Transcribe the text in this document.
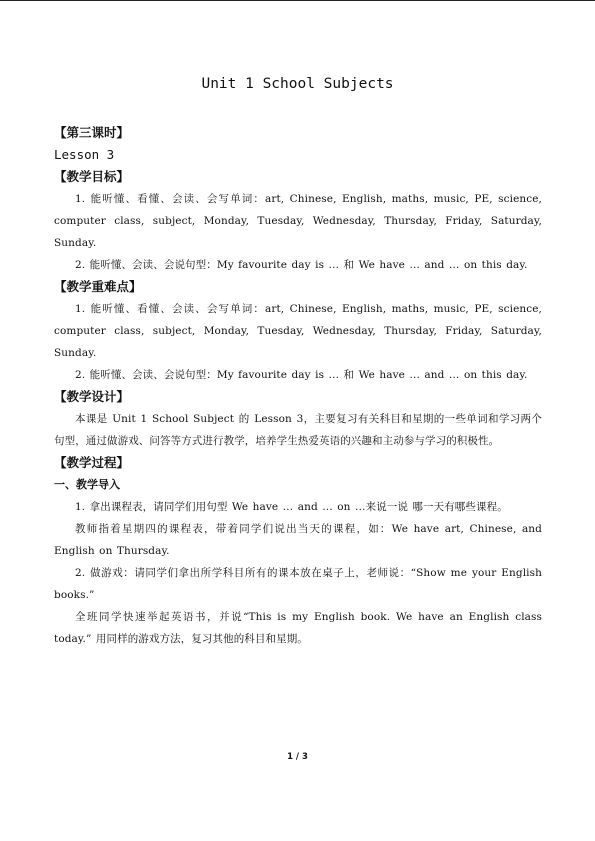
Unit 1 School Subjects
【第三课时】
Lesson 3
【教学目标】

1. 能听懂、看懂、会读、会写单词：art, Chinese, English, maths, music, PE, science, computer class, subject, Monday, Tuesday, Wednesday, Thursday, Friday, Saturday, Sunday.

2. 能听懂、会读、会说句型：My favourite day is … 和 We have … and … on this day.

【教学重难点】

1. 能听懂、看懂、会读、会写单词：art, Chinese, English, maths, music, PE, science, computer class, subject, Monday, Tuesday, Wednesday, Thursday, Friday, Saturday, Sunday.

2. 能听懂、会读、会说句型：My favourite day is … 和 We have … and … on this day.

【教学设计】

本课是 Unit 1 School Subject 的 Lesson 3，主要复习有关科目和星期的一些单词和学习两个句型，通过做游戏、问答等方式进行教学，培养学生热爱英语的兴趣和主动参与学习的积极性。

【教学过程】
一、教学导入

1. 拿出课程表，请同学们用句型 We have … and … on …来说一说 哪一天有哪些课程。

教师指着星期四的课程表，带着同学们说出当天的课程，如：We have art, Chinese, and English on Thursday.

2. 做游戏：请同学们拿出所学科目所有的课本放在桌子上，老师说：“Show me your English books.”

全班同学快速举起英语书，并说“This is my English book. We have an English class today.” 用同样的游戏方法，复习其他的科目和星期。

1 / 3
